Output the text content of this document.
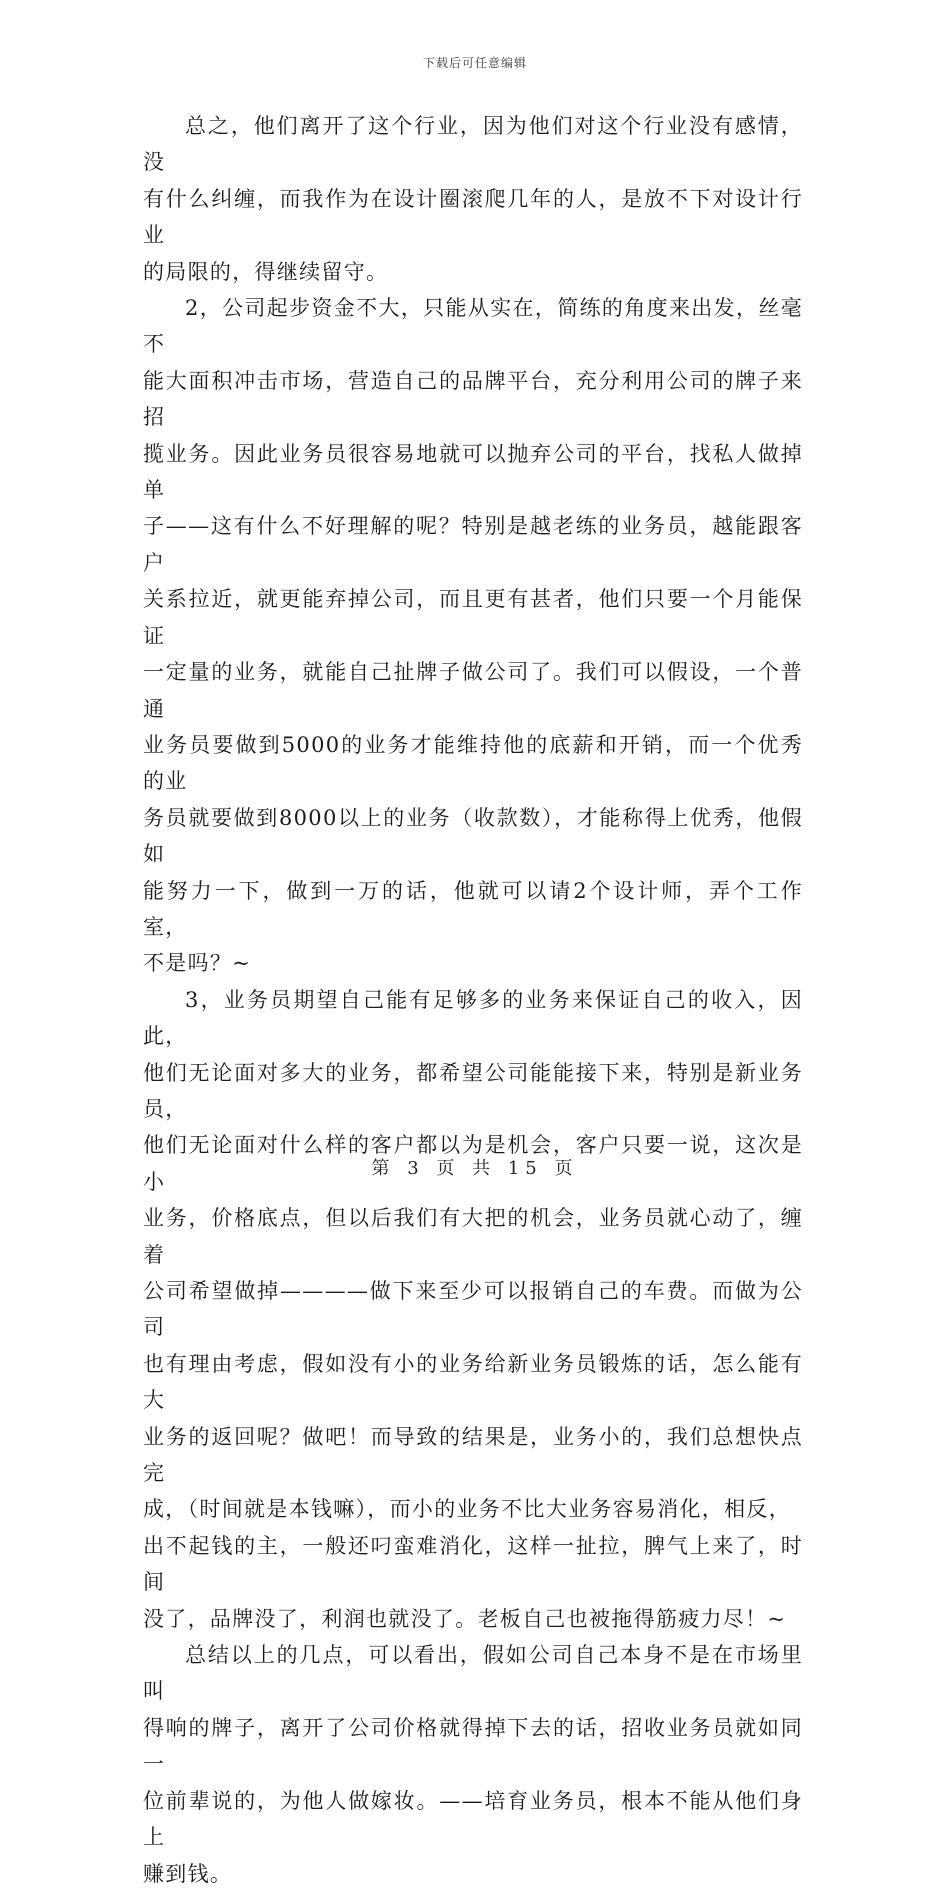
下载后可任意编辑

总之，他们离开了这个行业，因为他们对这个行业没有感情，没
有什么纠缠，而我作为在设计圈滚爬几年的人，是放不下对设计行业
的局限的，得继续留守。

2，公司起步资金不大，只能从实在，简练的角度来出发，丝毫不
能大面积冲击市场，营造自己的品牌平台，充分利用公司的牌子来招
揽业务。因此业务员很容易地就可以抛弃公司的平台，找私人做掉单
子——这有什么不好理解的呢？特别是越老练的业务员，越能跟客户
关系拉近，就更能弃掉公司，而且更有甚者，他们只要一个月能保证
一定量的业务，就能自己扯牌子做公司了。我们可以假设，一个普通
业务员要做到5000的业务才能维持他的底薪和开销，而一个优秀的业
务员就要做到8000以上的业务（收款数），才能称得上优秀，他假如
能努力一下，做到一万的话，他就可以请2个设计师，弄个工作室，
不是吗？~

3，业务员期望自己能有足够多的业务来保证自己的收入，因此，
他们无论面对多大的业务，都希望公司能能接下来，特别是新业务员，
他们无论面对什么样的客户都以为是机会，客户只要一说，这次是小
业务，价格底点，但以后我们有大把的机会，业务员就心动了，缠着
公司希望做掉————做下来至少可以报销自己的车费。而做为公司
也有理由考虑，假如没有小的业务给新业务员锻炼的话，怎么能有大
业务的返回呢？做吧！而导致的结果是，业务小的，我们总想快点完
成，（时间就是本钱嘛），而小的业务不比大业务容易消化，相反，
出不起钱的主，一般还叼蛮难消化，这样一扯拉，脾气上来了，时间
没了，品牌没了，利润也就没了。老板自己也被拖得筋疲力尽！~

总结以上的几点，可以看出，假如公司自己本身不是在市场里叫
得响的牌子，离开了公司价格就得掉下去的话，招收业务员就如同一
位前辈说的，为他人做嫁妆。——培育业务员，根本不能从他们身上
赚到钱。

第 3 页 共 15 页
